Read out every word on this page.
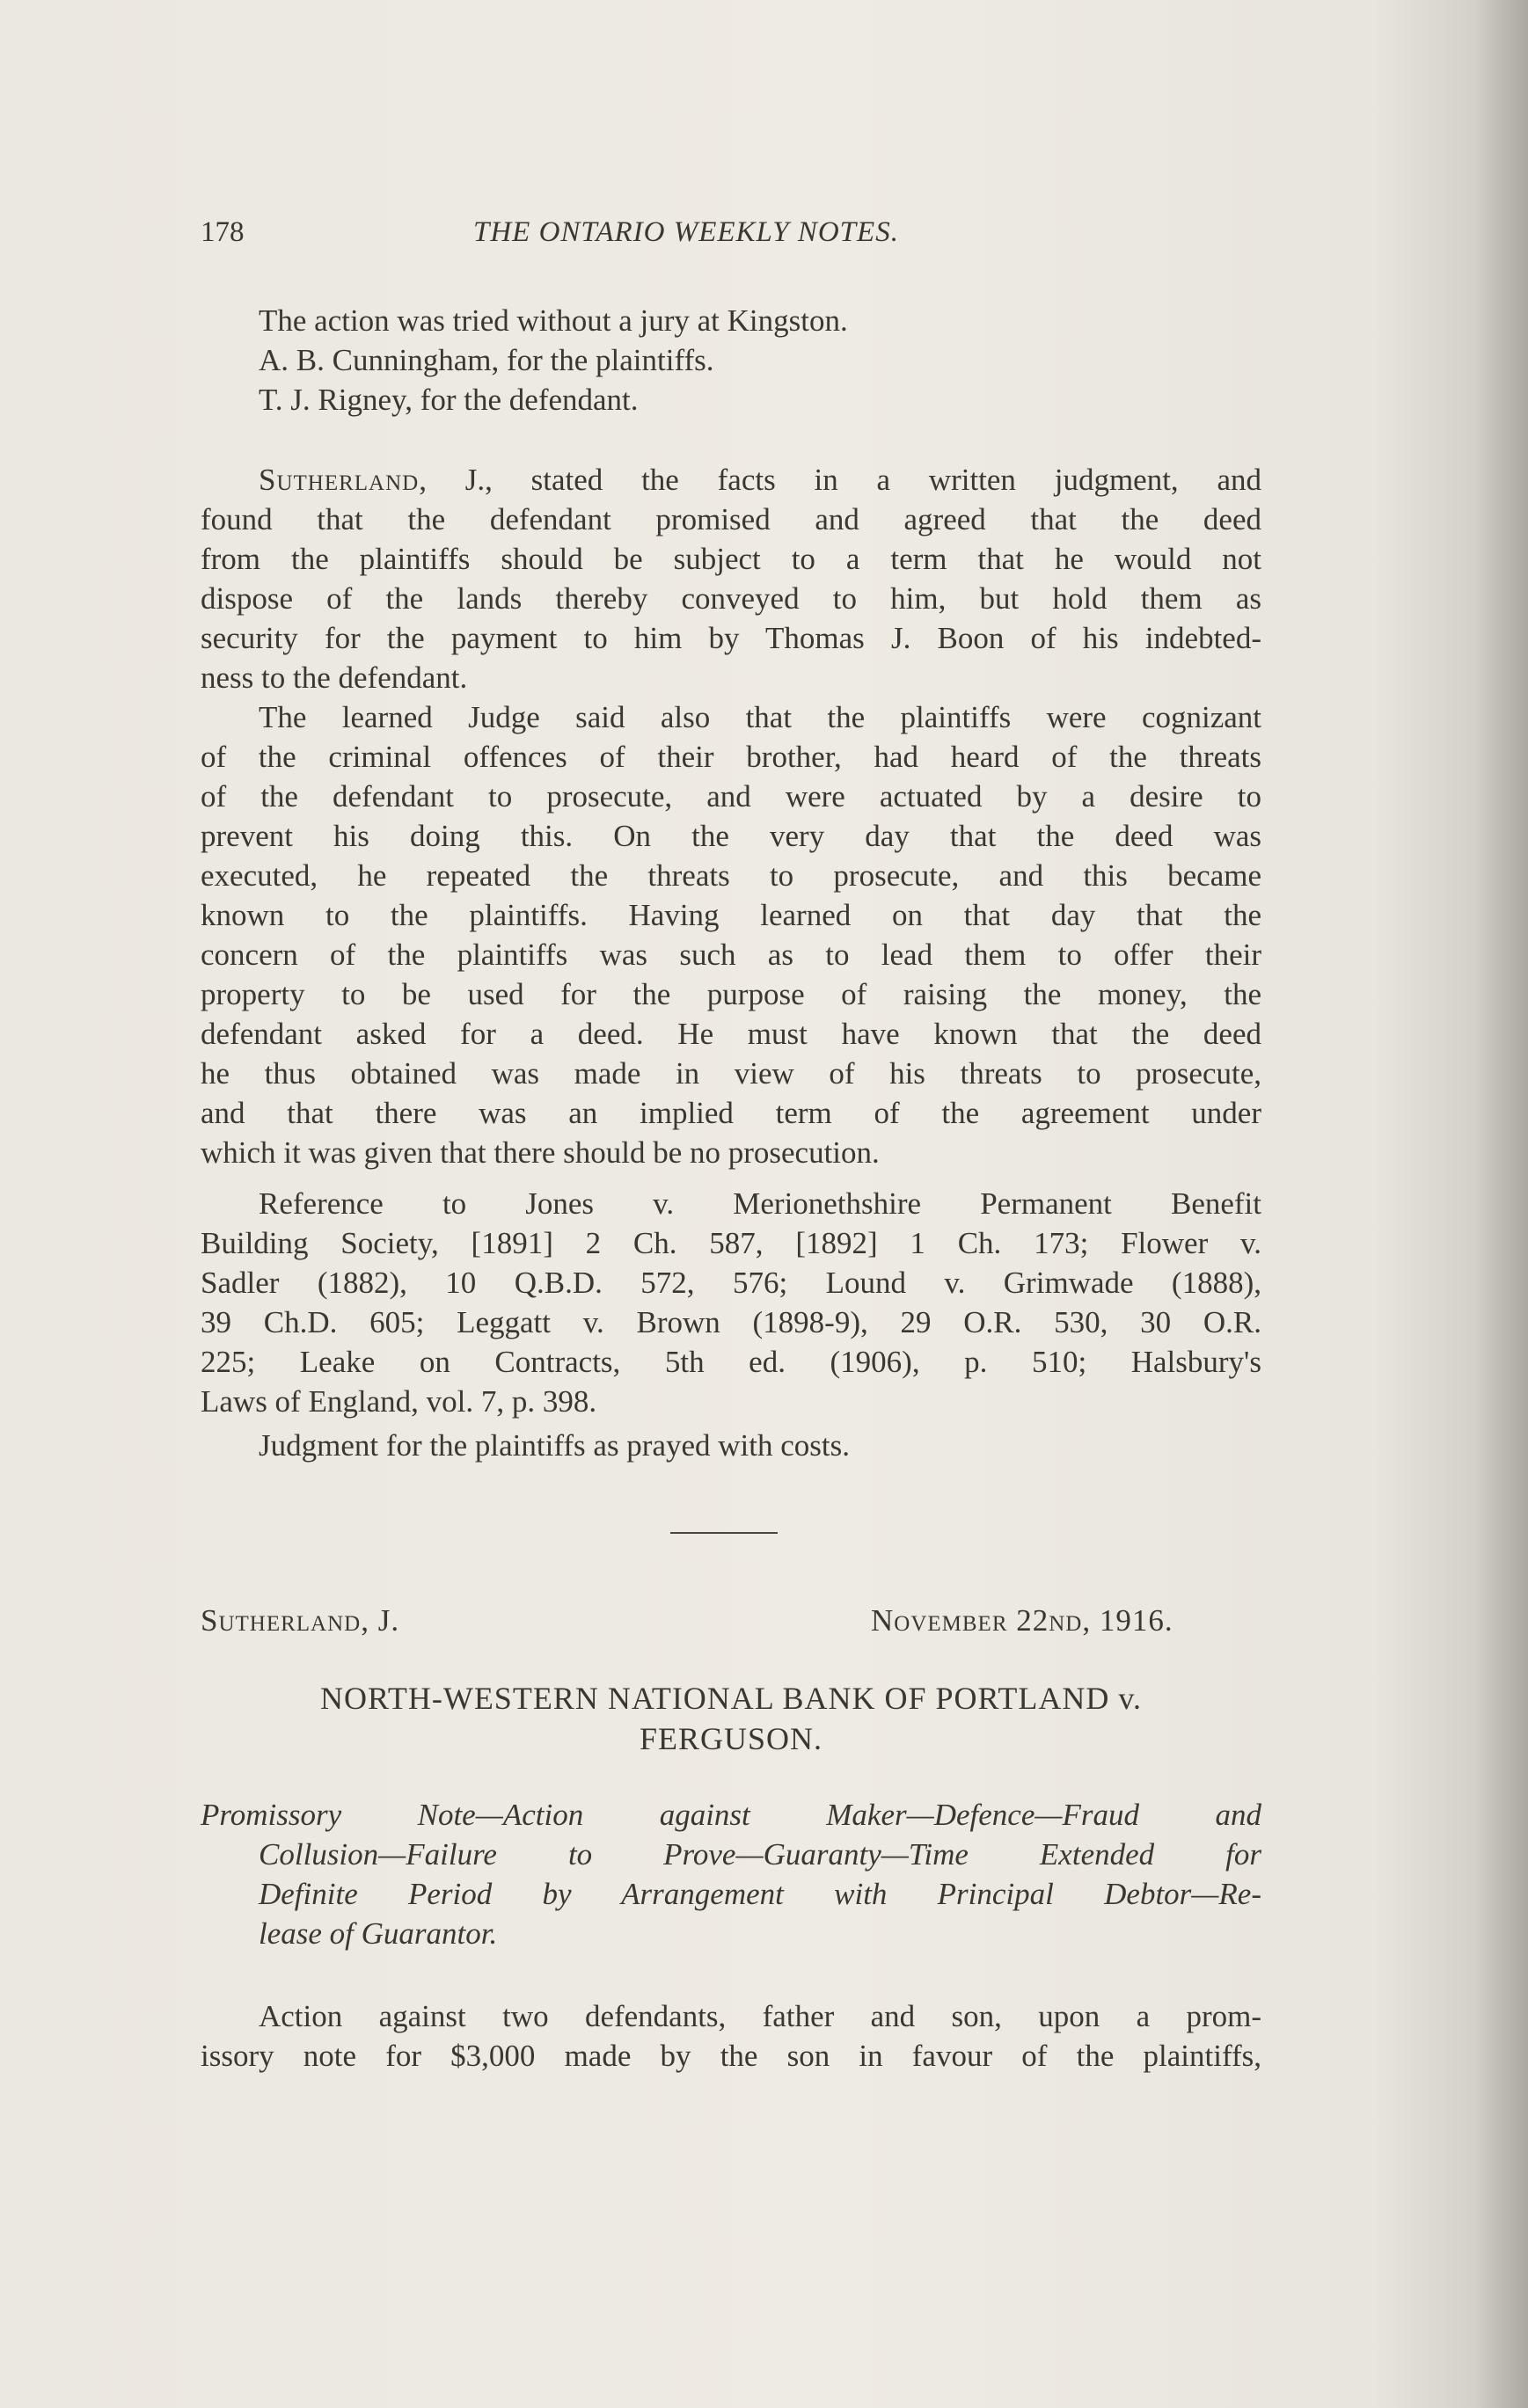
178	THE ONTARIO WEEKLY NOTES.
The action was tried without a jury at Kingston.
A. B. Cunningham, for the plaintiffs.
T. J. Rigney, for the defendant.
Sutherland, J., stated the facts in a written judgment, and
found that the defendant promised and agreed that the deed
from the plaintiffs should be subject to a term that he would not
dispose of the lands thereby conveyed to him, but hold them as
security for the payment to him by Thomas J. Boon of his indebted-
ness to the defendant.
The learned Judge said also that the plaintiffs were cognizant
of the criminal offences of their brother, had heard of the threats
of the defendant to prosecute, and were actuated by a desire to
prevent his doing this. On the very day that the deed was
executed, he repeated the threats to prosecute, and this became
known to the plaintiffs. Having learned on that day that the
concern of the plaintiffs was such as to lead them to offer their
property to be used for the purpose of raising the money, the
defendant asked for a deed. He must have known that the deed
he thus obtained was made in view of his threats to prosecute,
and that there was an implied term of the agreement under
which it was given that there should be no prosecution.
Reference to Jones v. Merionethshire Permanent Benefit
Building Society, [1891] 2 Ch. 587, [1892] 1 Ch. 173; Flower v.
Sadler (1882), 10 Q.B.D. 572, 576; Lound v. Grimwade (1888),
39 Ch.D. 605; Leggatt v. Brown (1898-9), 29 O.R. 530, 30 O.R.
225; Leake on Contracts, 5th ed. (1906), p. 510; Halsbury's
Laws of England, vol. 7, p. 398.
Judgment for the plaintiffs as prayed with costs.
Sutherland, J.	November 22nd, 1916.
NORTH-WESTERN NATIONAL BANK OF PORTLAND v.
FERGUSON.
Promissory Note—Action against Maker—Defence—Fraud and
Collusion—Failure to Prove—Guaranty—Time Extended for
Definite Period by Arrangement with Principal Debtor—Re-
lease of Guarantor.
Action against two defendants, father and son, upon a prom-
issory note for $3,000 made by the son in favour of the plaintiffs,
